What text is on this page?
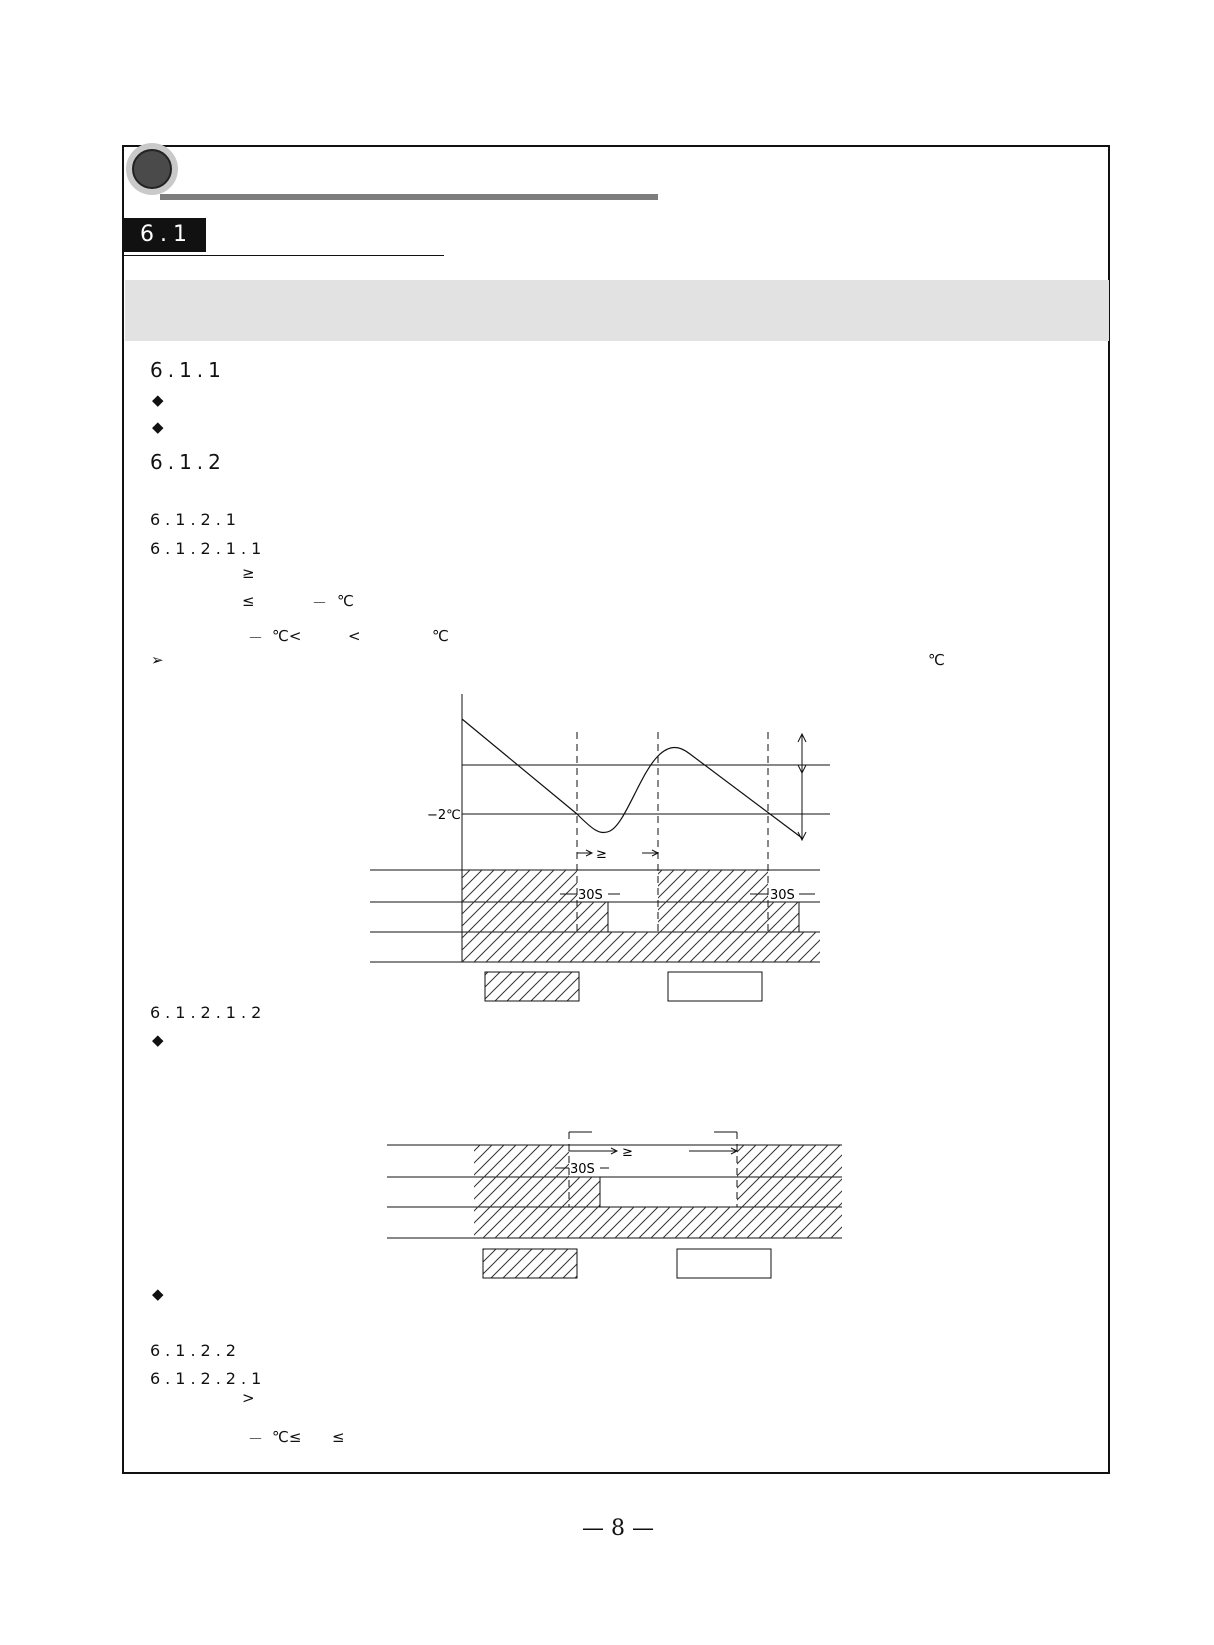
6.1
6.1.1
◆
◆
6.1.2
6.1.2.1
6.1.2.1.1
≥
≤	－ ℃
－ ℃<	<	℃
➢	℃
−2℃
≥
30S	30S
6.1.2.1.2
◆
≥
30S
◆
6.1.2.2
6.1.2.2.1
>
－ ℃≤ ≤
— 8 —
